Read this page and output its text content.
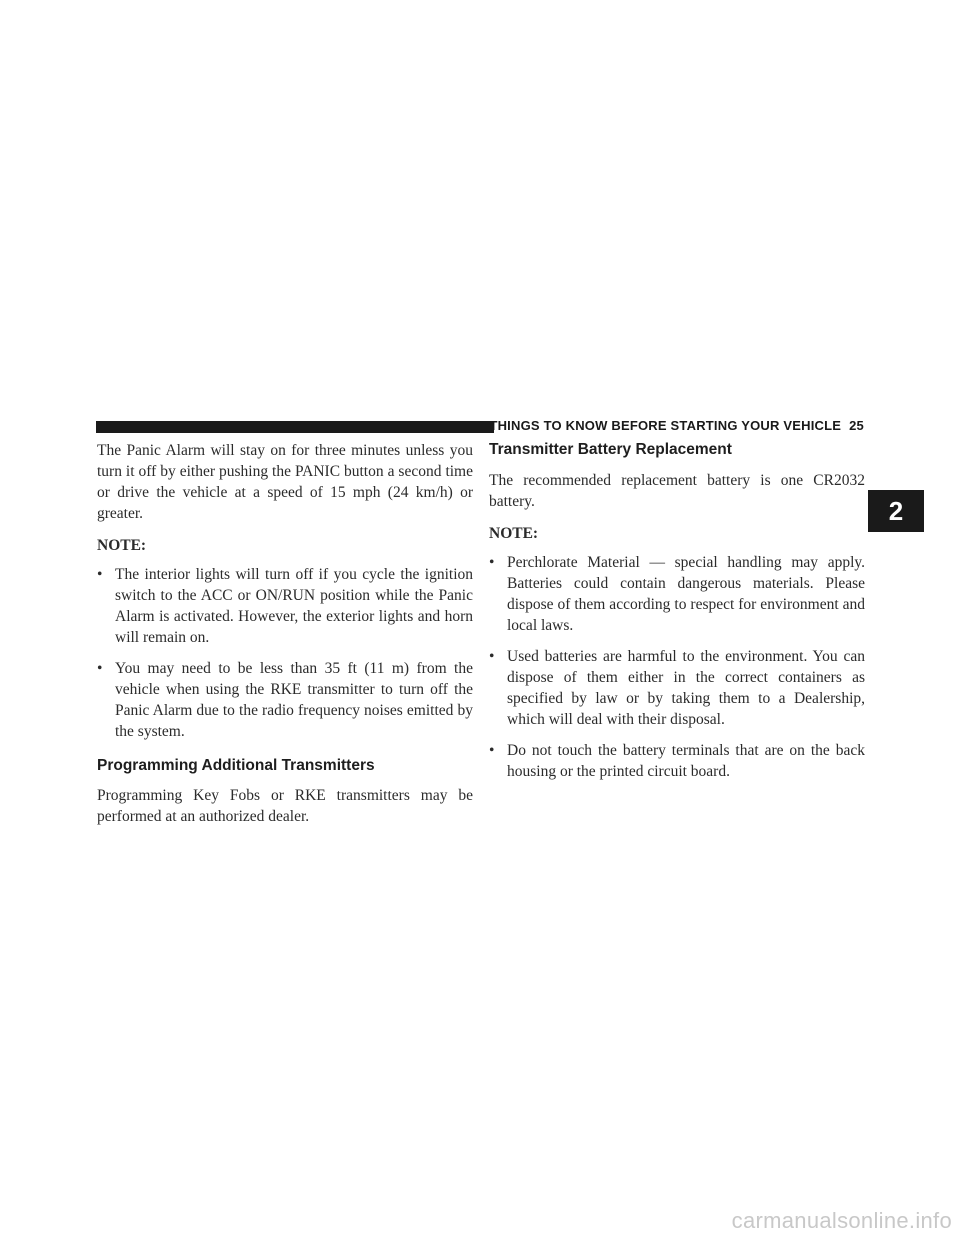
THINGS TO KNOW BEFORE STARTING YOUR VEHICLE 25
2

The Panic Alarm will stay on for three minutes unless you turn it off by either pushing the PANIC button a second time or drive the vehicle at a speed of 15 mph (24 km/h) or greater.

NOTE:

• The interior lights will turn off if you cycle the ignition switch to the ACC or ON/RUN position while the Panic Alarm is activated. However, the exterior lights and horn will remain on.
• You may need to be less than 35 ft (11 m) from the vehicle when using the RKE transmitter to turn off the Panic Alarm due to the radio frequency noises emitted by the system.
Programming Additional Transmitters

Programming Key Fobs or RKE transmitters may be performed at an authorized dealer.

Transmitter Battery Replacement

The recommended replacement battery is one CR2032 battery.

NOTE:

• Perchlorate Material — special handling may apply. Batteries could contain dangerous materials. Please dispose of them according to respect for environment and local laws.
• Used batteries are harmful to the environment. You can dispose of them either in the correct containers as specified by law or by taking them to a Dealership, which will deal with their disposal.
• Do not touch the battery terminals that are on the back housing or the printed circuit board.
carmanualsonline.info
